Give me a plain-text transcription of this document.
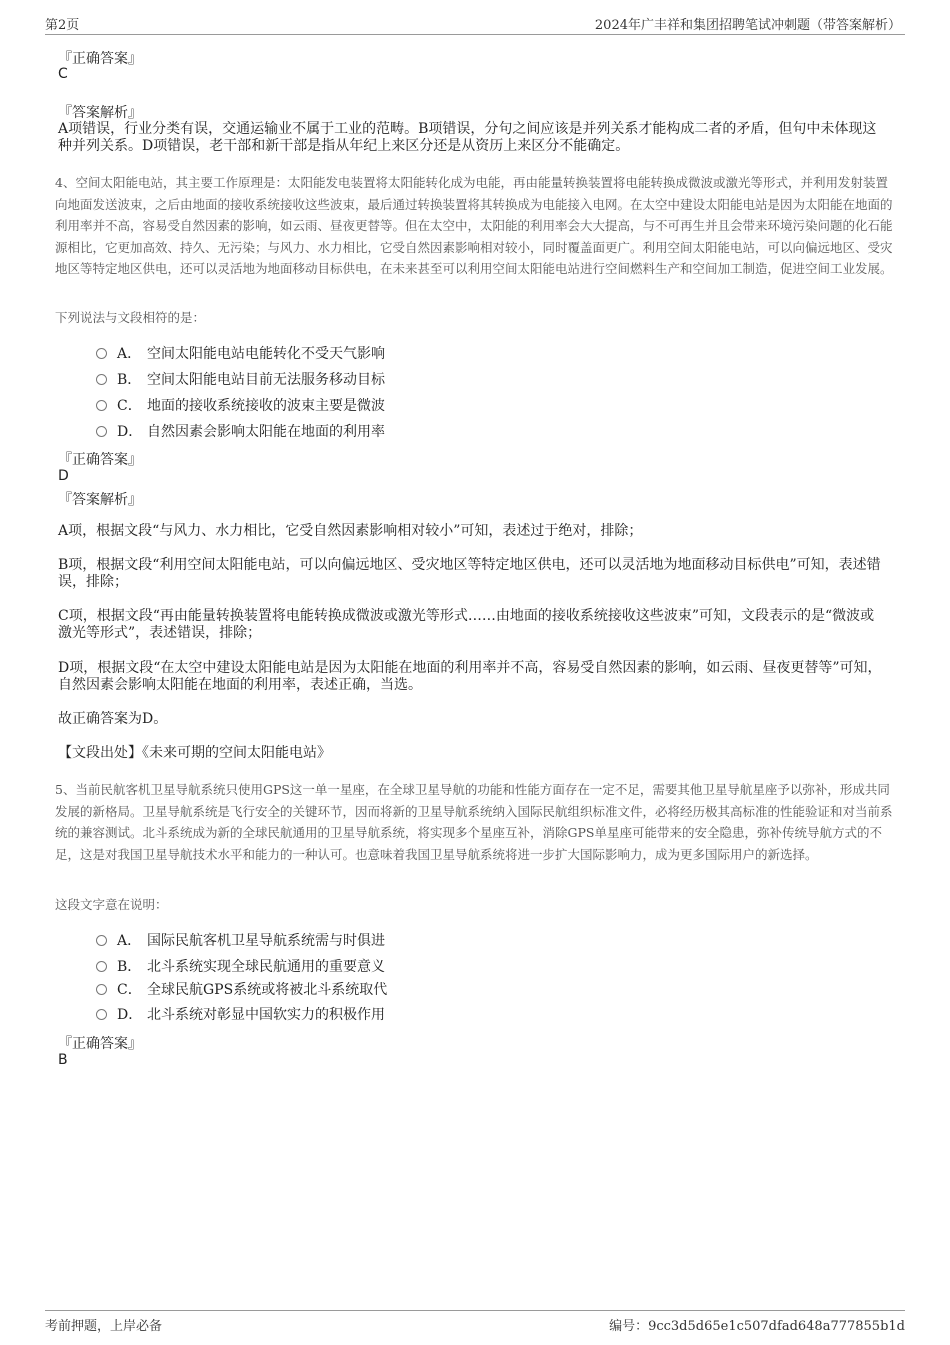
第2页	2024年广丰祥和集团招聘笔试冲刺题（带答案解析）
『正确答案』
C
『答案解析』
A项错误，行业分类有误，交通运输业不属于工业的范畴。B项错误，分句之间应该是并列关系才能构成二者的矛盾，但句中未体现这种并列关系。D项错误，老干部和新干部是指从年纪上来区分还是从资历上来区分不能确定。
4、空间太阳能电站，其主要工作原理是：太阳能发电装置将太阳能转化成为电能，再由能量转换装置将电能转换成微波或激光等形式，并利用发射装置向地面发送波束，之后由地面的接收系统接收这些波束，最后通过转换装置将其转换成为电能接入电网。在太空中建设太阳能电站是因为太阳能在地面的利用率并不高，容易受自然因素的影响，如云雨、昼夜更替等。但在太空中，太阳能的利用率会大大提高，与不可再生并且会带来环境污染问题的化石能源相比，它更加高效、持久、无污染；与风力、水力相比，它受自然因素影响相对较小，同时覆盖面更广。利用空间太阳能电站，可以向偏远地区、受灾地区等特定地区供电，还可以灵活地为地面移动目标供电，在未来甚至可以利用空间太阳能电站进行空间燃料生产和空间加工制造，促进空间工业发展。
下列说法与文段相符的是：
A． 空间太阳能电站电能转化不受天气影响
B． 空间太阳能电站目前无法服务移动目标
C． 地面的接收系统接收的波束主要是微波
D． 自然因素会影响太阳能在地面的利用率
『正确答案』
D
『答案解析』
A项，根据文段“与风力、水力相比，它受自然因素影响相对较小”可知，表述过于绝对，排除；
B项，根据文段“利用空间太阳能电站，可以向偏远地区、受灾地区等特定地区供电，还可以灵活地为地面移动目标供电”可知，表述错误，排除；
C项，根据文段“再由能量转换装置将电能转换成微波或激光等形式……由地面的接收系统接收这些波束”可知，文段表示的是“微波或激光等形式”，表述错误，排除；
D项，根据文段“在太空中建设太阳能电站是因为太阳能在地面的利用率并不高，容易受自然因素的影响，如云雨、昼夜更替等”可知，自然因素会影响太阳能在地面的利用率，表述正确，当选。
故正确答案为D。
【文段出处】《未来可期的空间太阳能电站》
5、当前民航客机卫星导航系统只使用GPS这一单一星座，在全球卫星导航的功能和性能方面存在一定不足，需要其他卫星导航星座予以弥补，形成共同发展的新格局。卫星导航系统是飞行安全的关键环节，因而将新的卫星导航系统纳入国际民航组织标准文件，必将经历极其高标准的性能验证和对当前系统的兼容测试。北斗系统成为新的全球民航通用的卫星导航系统，将实现多个星座互补，消除GPS单星座可能带来的安全隐患，弥补传统导航方式的不足，这是对我国卫星导航技术水平和能力的一种认可。也意味着我国卫星导航系统将进一步扩大国际影响力，成为更多国际用户的新选择。
这段文字意在说明：
A． 国际民航客机卫星导航系统需与时俱进
B． 北斗系统实现全球民航通用的重要意义
C． 全球民航GPS系统或将被北斗系统取代
D． 北斗系统对彰显中国软实力的积极作用
『正确答案』
B
考前押题，上岸必备	编号：9cc3d5d65e1c507dfad648a777855b1d
